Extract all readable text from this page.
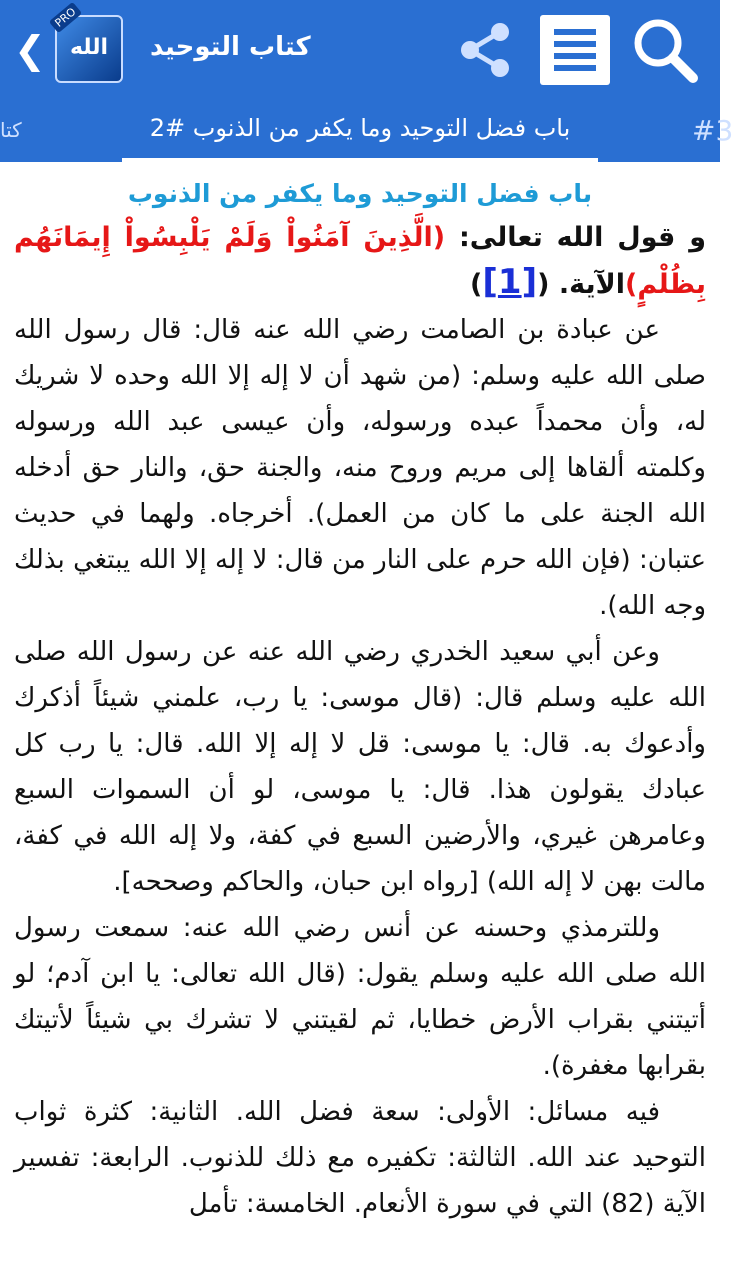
❮	الله
PRO
كتاب التوحيد
كتا	باب فضل التوحيد وما يكفر من الذنوب #2	#3
باب فضل التوحيد وما يكفر من الذنوب
و قول الله تعالى: (الَّذِينَ آمَنُواْ وَلَمْ يَلْبِسُواْ إِيمَانَهُم بِظُلْمٍ)الآية. ([1])

عن عبادة بن الصامت رضي الله عنه قال: قال رسول الله صلى الله عليه وسلم: (من شهد أن لا إله إلا الله وحده لا شريك له، وأن محمداً عبده ورسوله، وأن عيسى عبد الله ورسوله وكلمته ألقاها إلى مريم وروح منه، والجنة حق، والنار حق أدخله الله الجنة على ما كان من العمل). أخرجاه. ولهما في حديث عتبان: (فإن الله حرم على النار من قال: لا إله إلا الله يبتغي بذلك وجه الله).

وعن أبي سعيد الخدري رضي الله عنه عن رسول الله صلى الله عليه وسلم قال: (قال موسى: يا رب، علمني شيئاً أذكرك وأدعوك به. قال: يا موسى: قل لا إله إلا الله. قال: يا رب كل عبادك يقولون هذا. قال: يا موسى، لو أن السموات السبع وعامرهن غيري، والأرضين السبع في كفة، ولا إله الله في كفة، مالت بهن لا إله الله) [رواه ابن حبان، والحاكم وصححه].

وللترمذي وحسنه عن أنس رضي الله عنه: سمعت رسول الله صلى الله عليه وسلم يقول: (قال الله تعالى: يا ابن آدم؛ لو أتيتني بقراب الأرض خطايا، ثم لقيتني لا تشرك بي شيئاً لأتيتك بقرابها مغفرة).

فيه مسائل: الأولى: سعة فضل الله. الثانية: كثرة ثواب التوحيد عند الله. الثالثة: تكفيره مع ذلك للذنوب. الرابعة: تفسير الآية (82) التي في سورة الأنعام. الخامسة: تأمل
